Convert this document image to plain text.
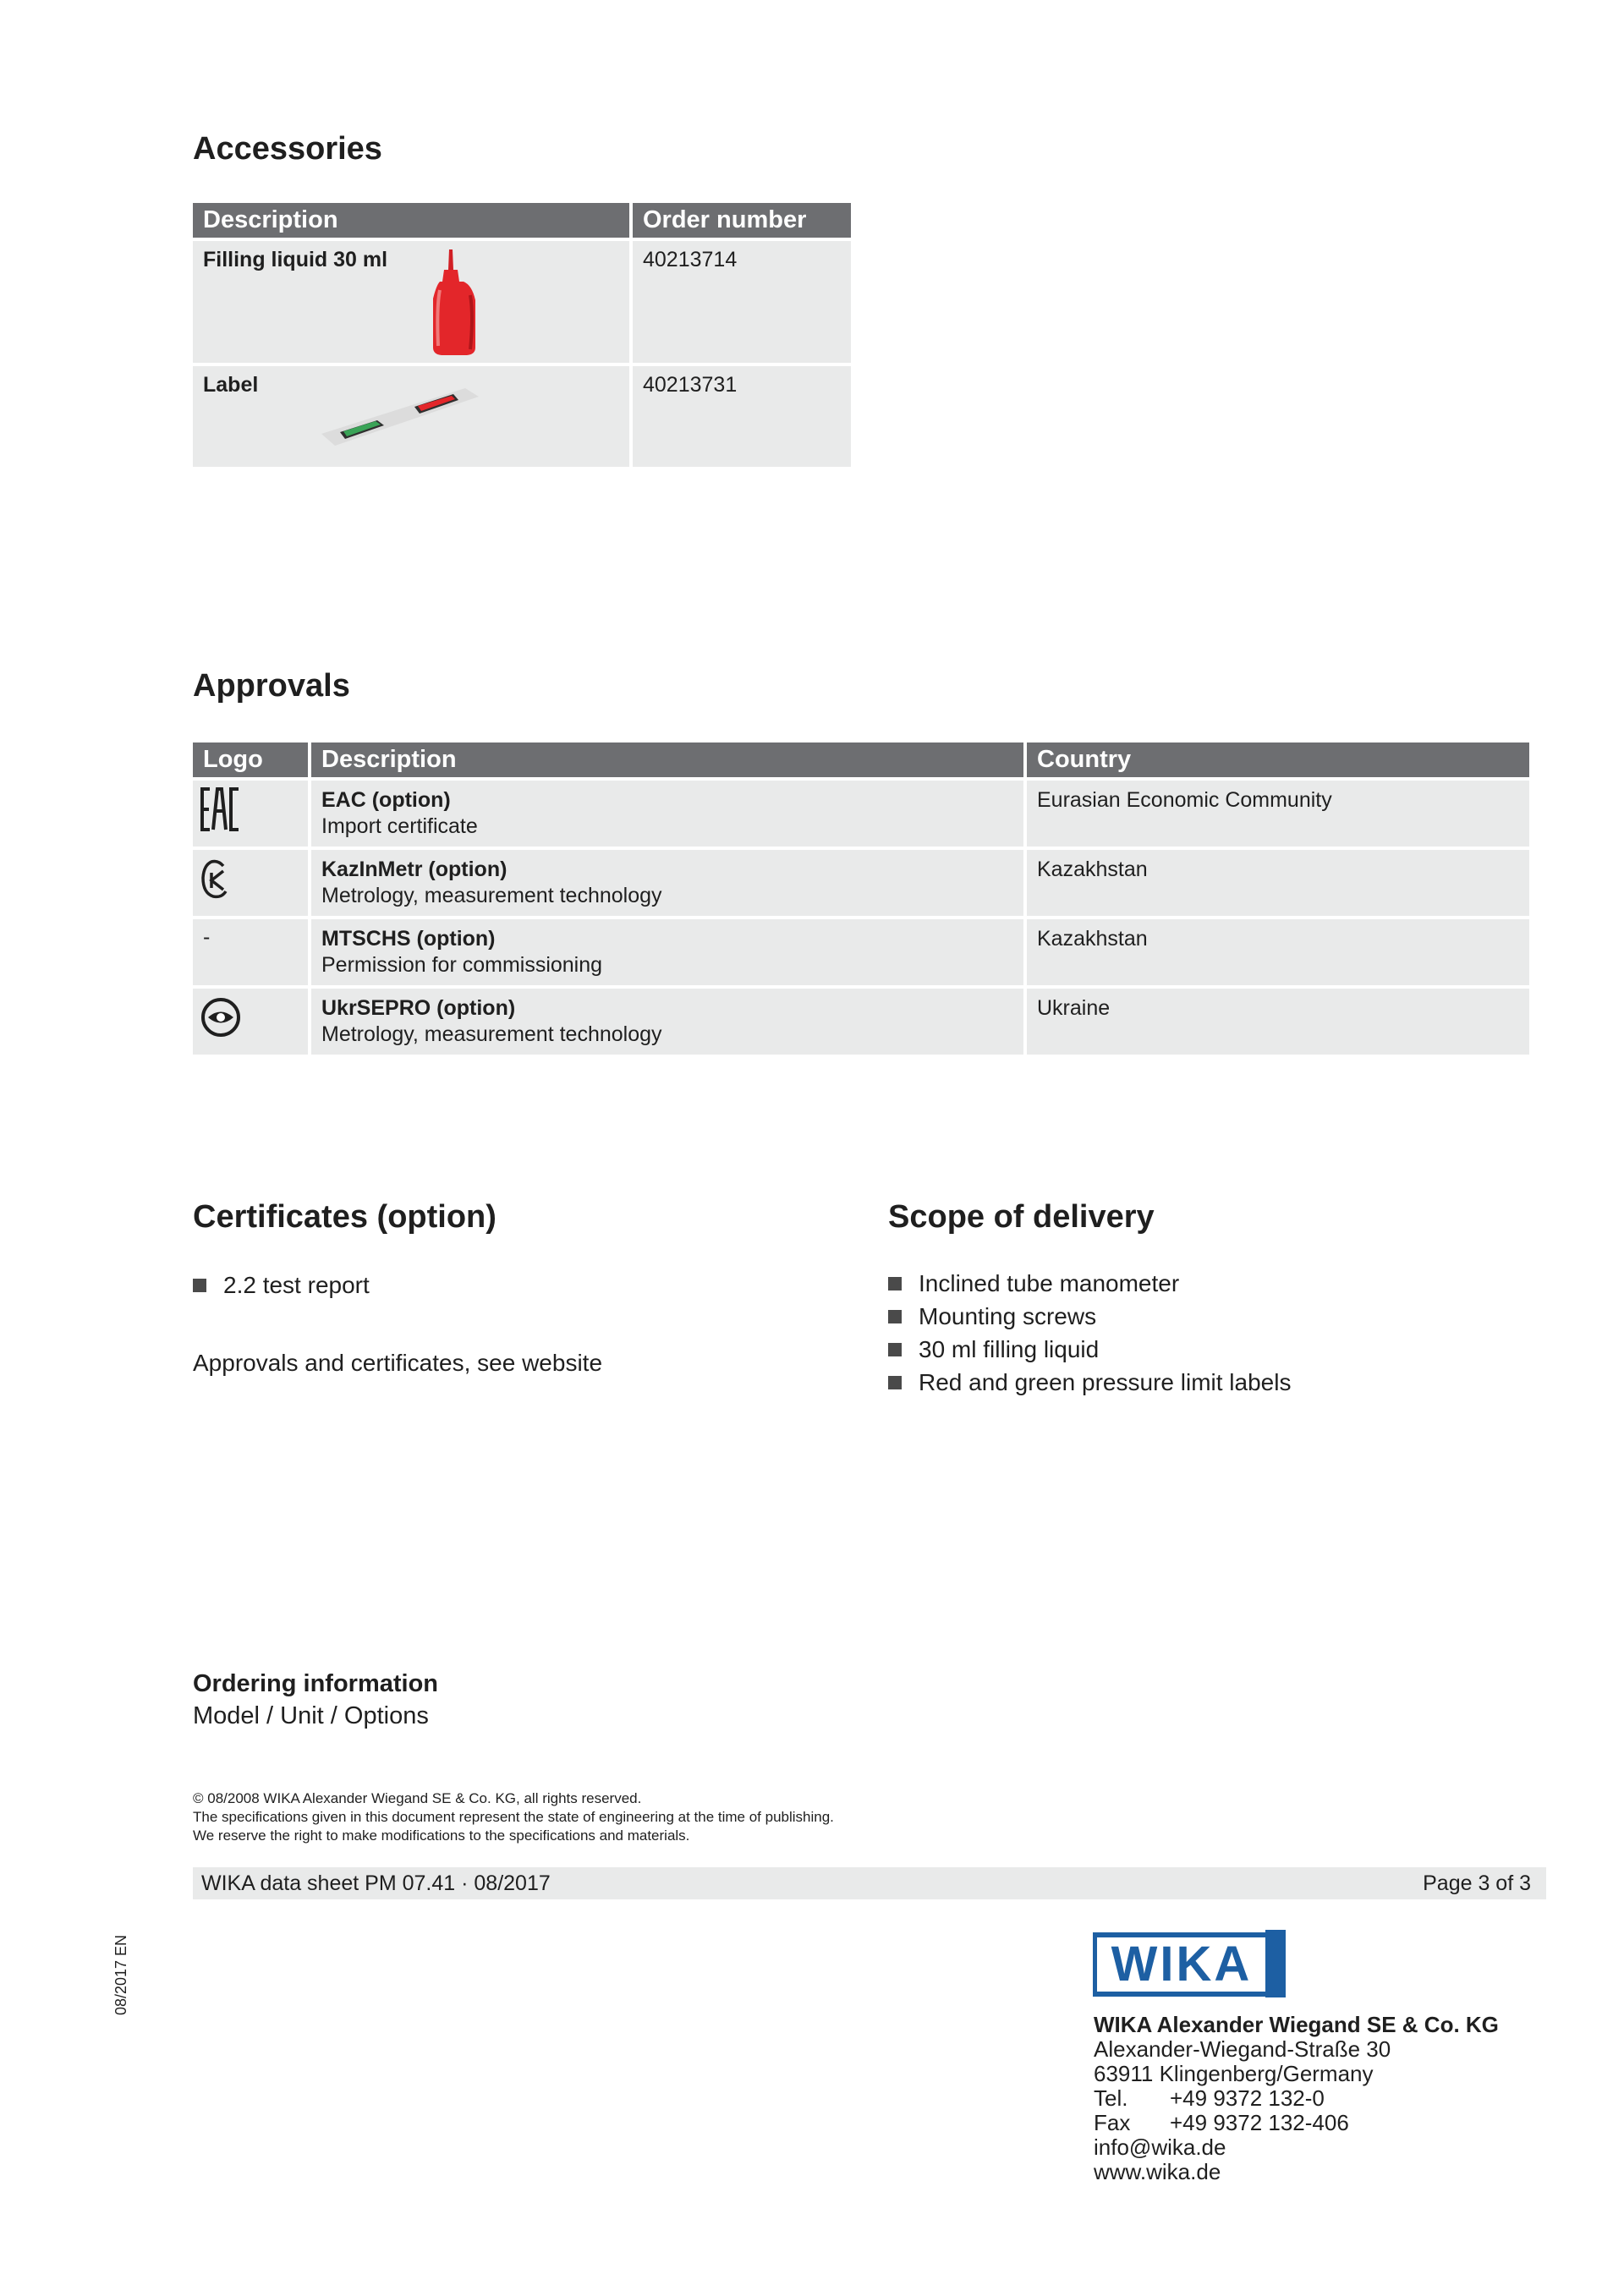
Accessories
Description	Order number
Filling liquid 30 ml	40213714
Label	40213731
Approvals
Logo	Description	Country

EAC (option)
Import certificate	Eurasian Economic Community

KazInMetr (option)
Metrology, measurement technology	Kazakhstan

-	MTSCHS (option)
Permission for commissioning	Kazakhstan

UkrSEPRO (option)
Metrology, measurement technology	Ukraine
Certificates (option)
2.2 test report

Approvals and certificates, see website

Scope of delivery
Inclined tube manometer
Mounting screws
30 ml filling liquid
Red and green pressure limit labels
Ordering information
Model / Unit / Options
© 08/2008 WIKA Alexander Wiegand SE & Co. KG, all rights reserved.
The specifications given in this document represent the state of engineering at the time of publishing.
We reserve the right to make modifications to the specifications and materials.
WIKA data sheet PM 07.41 · 08/2017	Page 3 of 3
08/2017 EN	WIKA
WIKA Alexander Wiegand SE & Co. KG
Alexander-Wiegand-Straße 30
63911 Klingenberg/Germany
Tel. +49 9372 132-0
Fax +49 9372 132-406
info@wika.de
www.wika.de
